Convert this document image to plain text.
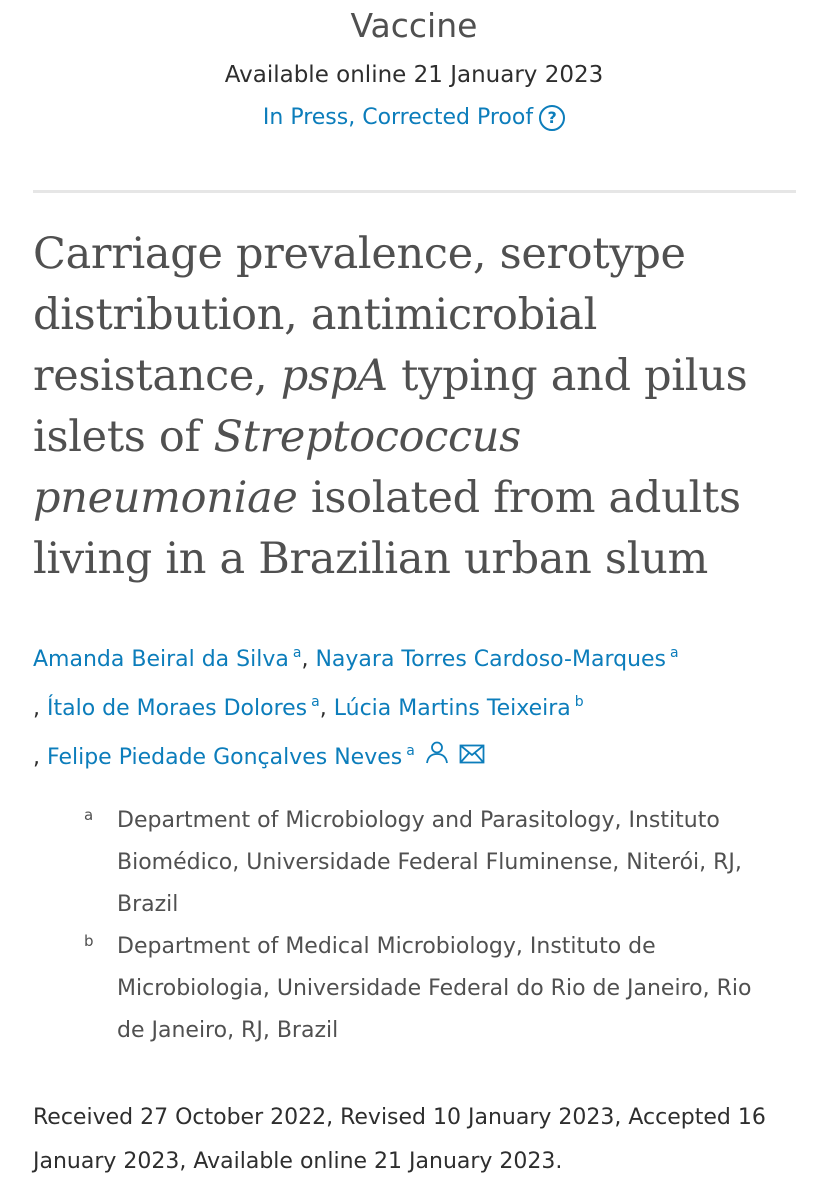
Vaccine
Available online 21 January 2023
In Press, Corrected Proof ?
Carriage prevalence, serotype distribution, antimicrobial resistance, pspA typing and pilus islets of Streptococcus pneumoniae isolated from adults living in a Brazilian urban slum
Amanda Beiral da Silva $^a$, Nayara Torres Cardoso-Marques $^a$
, Ítalo de Moraes Dolores $^a$, Lúcia Martins Teixeira $^b$
, Felipe Piedade Gonçalves Neves $^a$
a Department of Microbiology and Parasitology, Instituto Biomédico, Universidade Federal Fluminense, Niterói, RJ, Brazil
b Department of Medical Microbiology, Instituto de Microbiologia, Universidade Federal do Rio de Janeiro, Rio de Janeiro, RJ, Brazil
Received 27 October 2022, Revised 10 January 2023, Accepted 16 January 2023, Available online 21 January 2023.
